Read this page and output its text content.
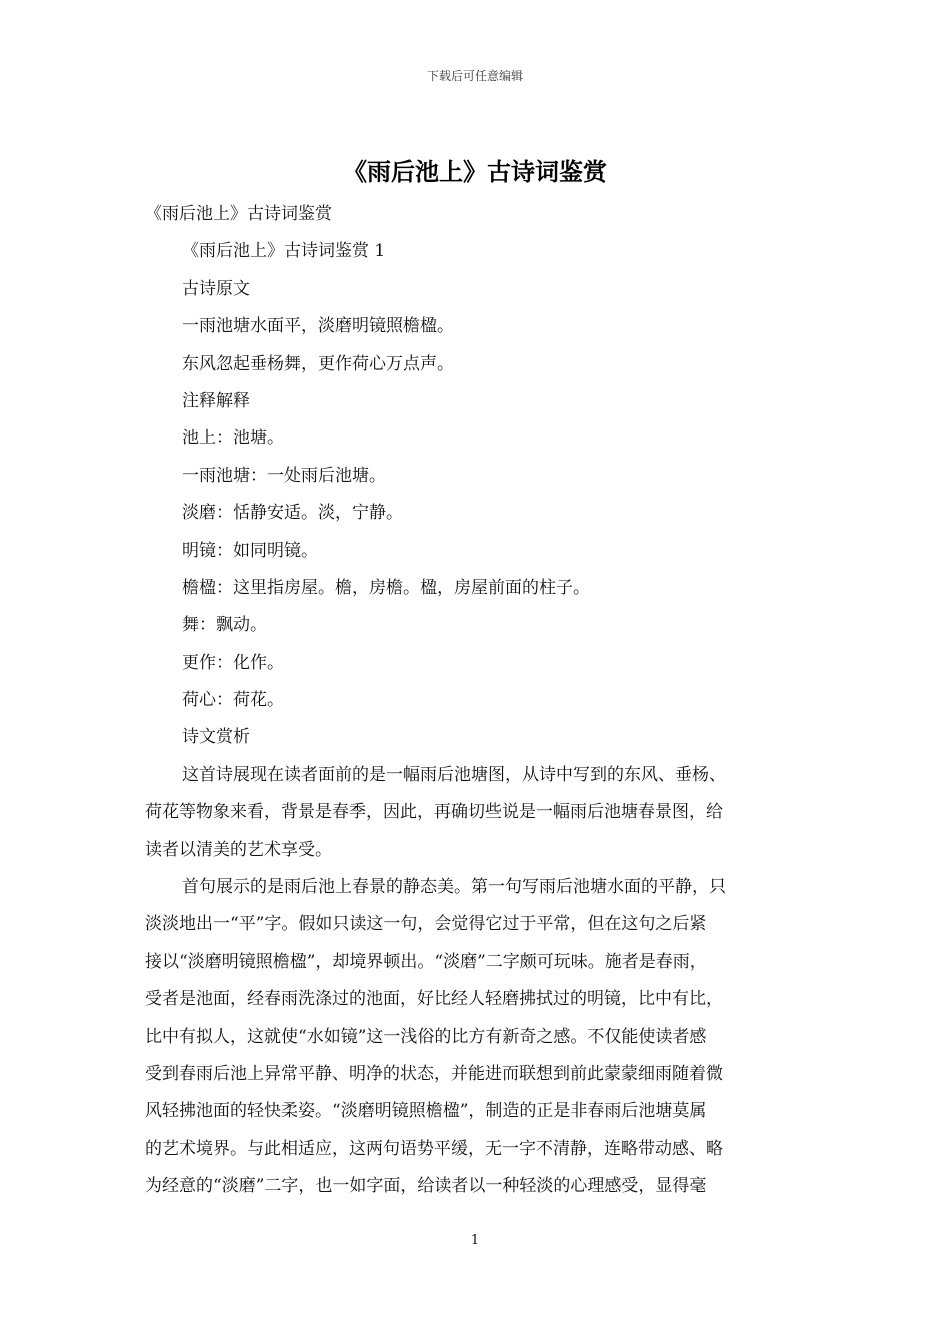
下载后可任意编辑
《雨后池上》古诗词鉴赏
《雨后池上》古诗词鉴赏
《雨后池上》古诗词鉴赏 1
古诗原文
一雨池塘水面平，淡磨明镜照檐楹。
东风忽起垂杨舞，更作荷心万点声。
注释解释
池上：池塘。
一雨池塘：一处雨后池塘。
淡磨：恬静安适。淡，宁静。
明镜：如同明镜。
檐楹：这里指房屋。檐，房檐。楹，房屋前面的柱子。
舞：飘动。
更作：化作。
荷心：荷花。
诗文赏析
这首诗展现在读者面前的是一幅雨后池塘图，从诗中写到的东风、垂杨、
荷花等物象来看，背景是春季，因此，再确切些说是一幅雨后池塘春景图，给
读者以清美的艺术享受。
首句展示的是雨后池上春景的静态美。第一句写雨后池塘水面的平静，只
淡淡地出一“平”字。假如只读这一句，会觉得它过于平常，但在这句之后紧
接以“淡磨明镜照檐楹”，却境界顿出。“淡磨”二字颇可玩味。施者是春雨，
受者是池面，经春雨洗涤过的池面，好比经人轻磨拂拭过的明镜，比中有比，
比中有拟人，这就使“水如镜”这一浅俗的比方有新奇之感。不仅能使读者感
受到春雨后池上异常平静、明净的状态，并能进而联想到前此蒙蒙细雨随着微
风轻拂池面的轻快柔姿。“淡磨明镜照檐楹”，制造的正是非春雨后池塘莫属
的艺术境界。与此相适应，这两句语势平缓，无一字不清静，连略带动感、略
为经意的“淡磨”二字，也一如字面，给读者以一种轻淡的心理感受，显得毫
1
